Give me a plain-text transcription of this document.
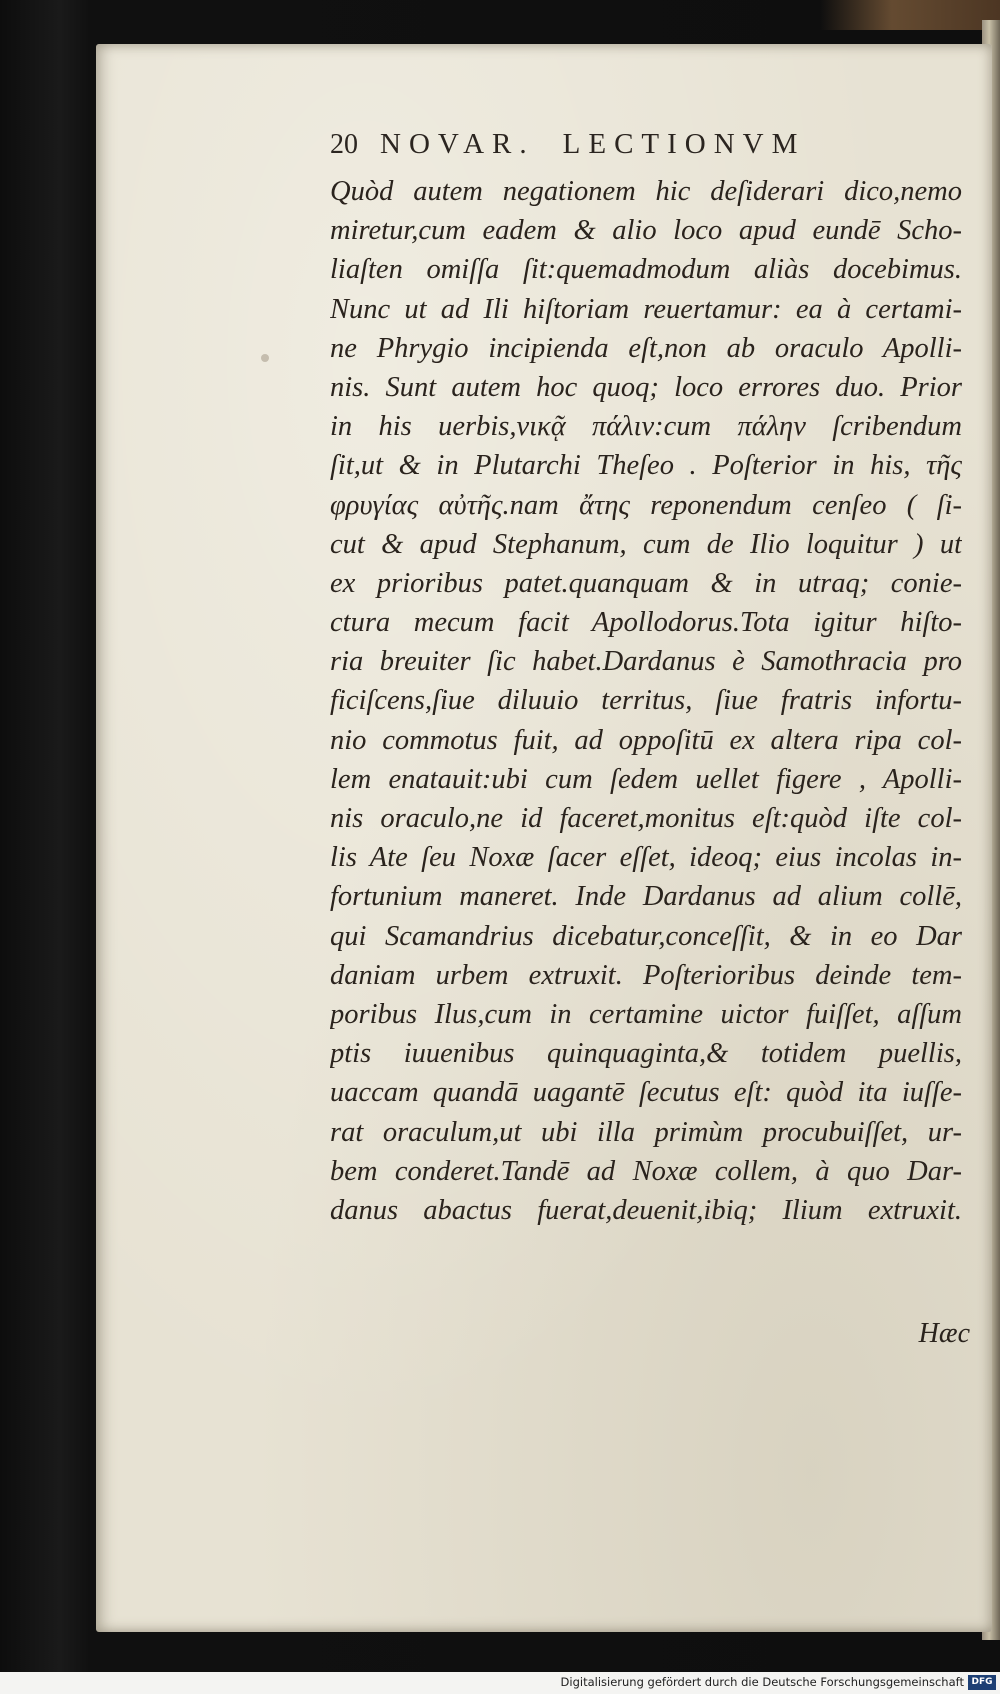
20 NOVAR. LECTIONVM
Quòd autem negationem hic deſiderari dico,nemo
miretur,cum eadem & alio loco apud eundē Scho-
liaſten omiſſa ſit:quemadmodum aliàs docebimus.
Nunc ut ad Ili hiſtoriam reuertamur: ea à certami-
ne Phrygio incipienda eſt,non ab oraculo Apolli-
nis. Sunt autem hoc quoq; loco errores duo. Prior
in his uerbis,νικᾷ πάλιν:cum πάλην ſcribendum
ſit,ut & in Plutarchi Theſeo . Poſterior in his, τῆς
φρυγίας αὐτῆς.nam ἄτης reponendum cenſeo ( ſi-
cut & apud Stephanum, cum de Ilio loquitur ) ut
ex prioribus patet.quanquam & in utraq; conie-
ctura mecum facit Apollodorus.Tota igitur hiſto-
ria breuiter ſic habet.Dardanus è Samothracia pro
ficiſcens,ſiue diluuio territus, ſiue fratris infortu-
nio commotus fuit, ad oppoſitū ex altera ripa col-
lem enatauit:ubi cum ſedem uellet figere , Apolli-
nis oraculo,ne id faceret,monitus eſt:quòd iſte col-
lis Ate ſeu Noxæ ſacer eſſet, ideoq; eius incolas in-
fortunium maneret. Inde Dardanus ad alium collē,
qui Scamandrius dicebatur,conceſſit, & in eo Dar
daniam urbem extruxit. Poſterioribus deinde tem-
poribus Ilus,cum in certamine uictor fuiſſet, aſſum
ptis iuuenibus quinquaginta,& totidem puellis,
uaccam quandā uagantē ſecutus eſt: quòd ita iuſſe-
rat oraculum,ut ubi illa primùm procubuiſſet, ur-
bem conderet.Tandē ad Noxæ collem, à quo Dar-
danus abactus fuerat,deuenit,ibiq; Ilium extruxit.
Hæc
Digitalisierung gefördert durch die Deutsche Forschungsgemeinschaft DFG
